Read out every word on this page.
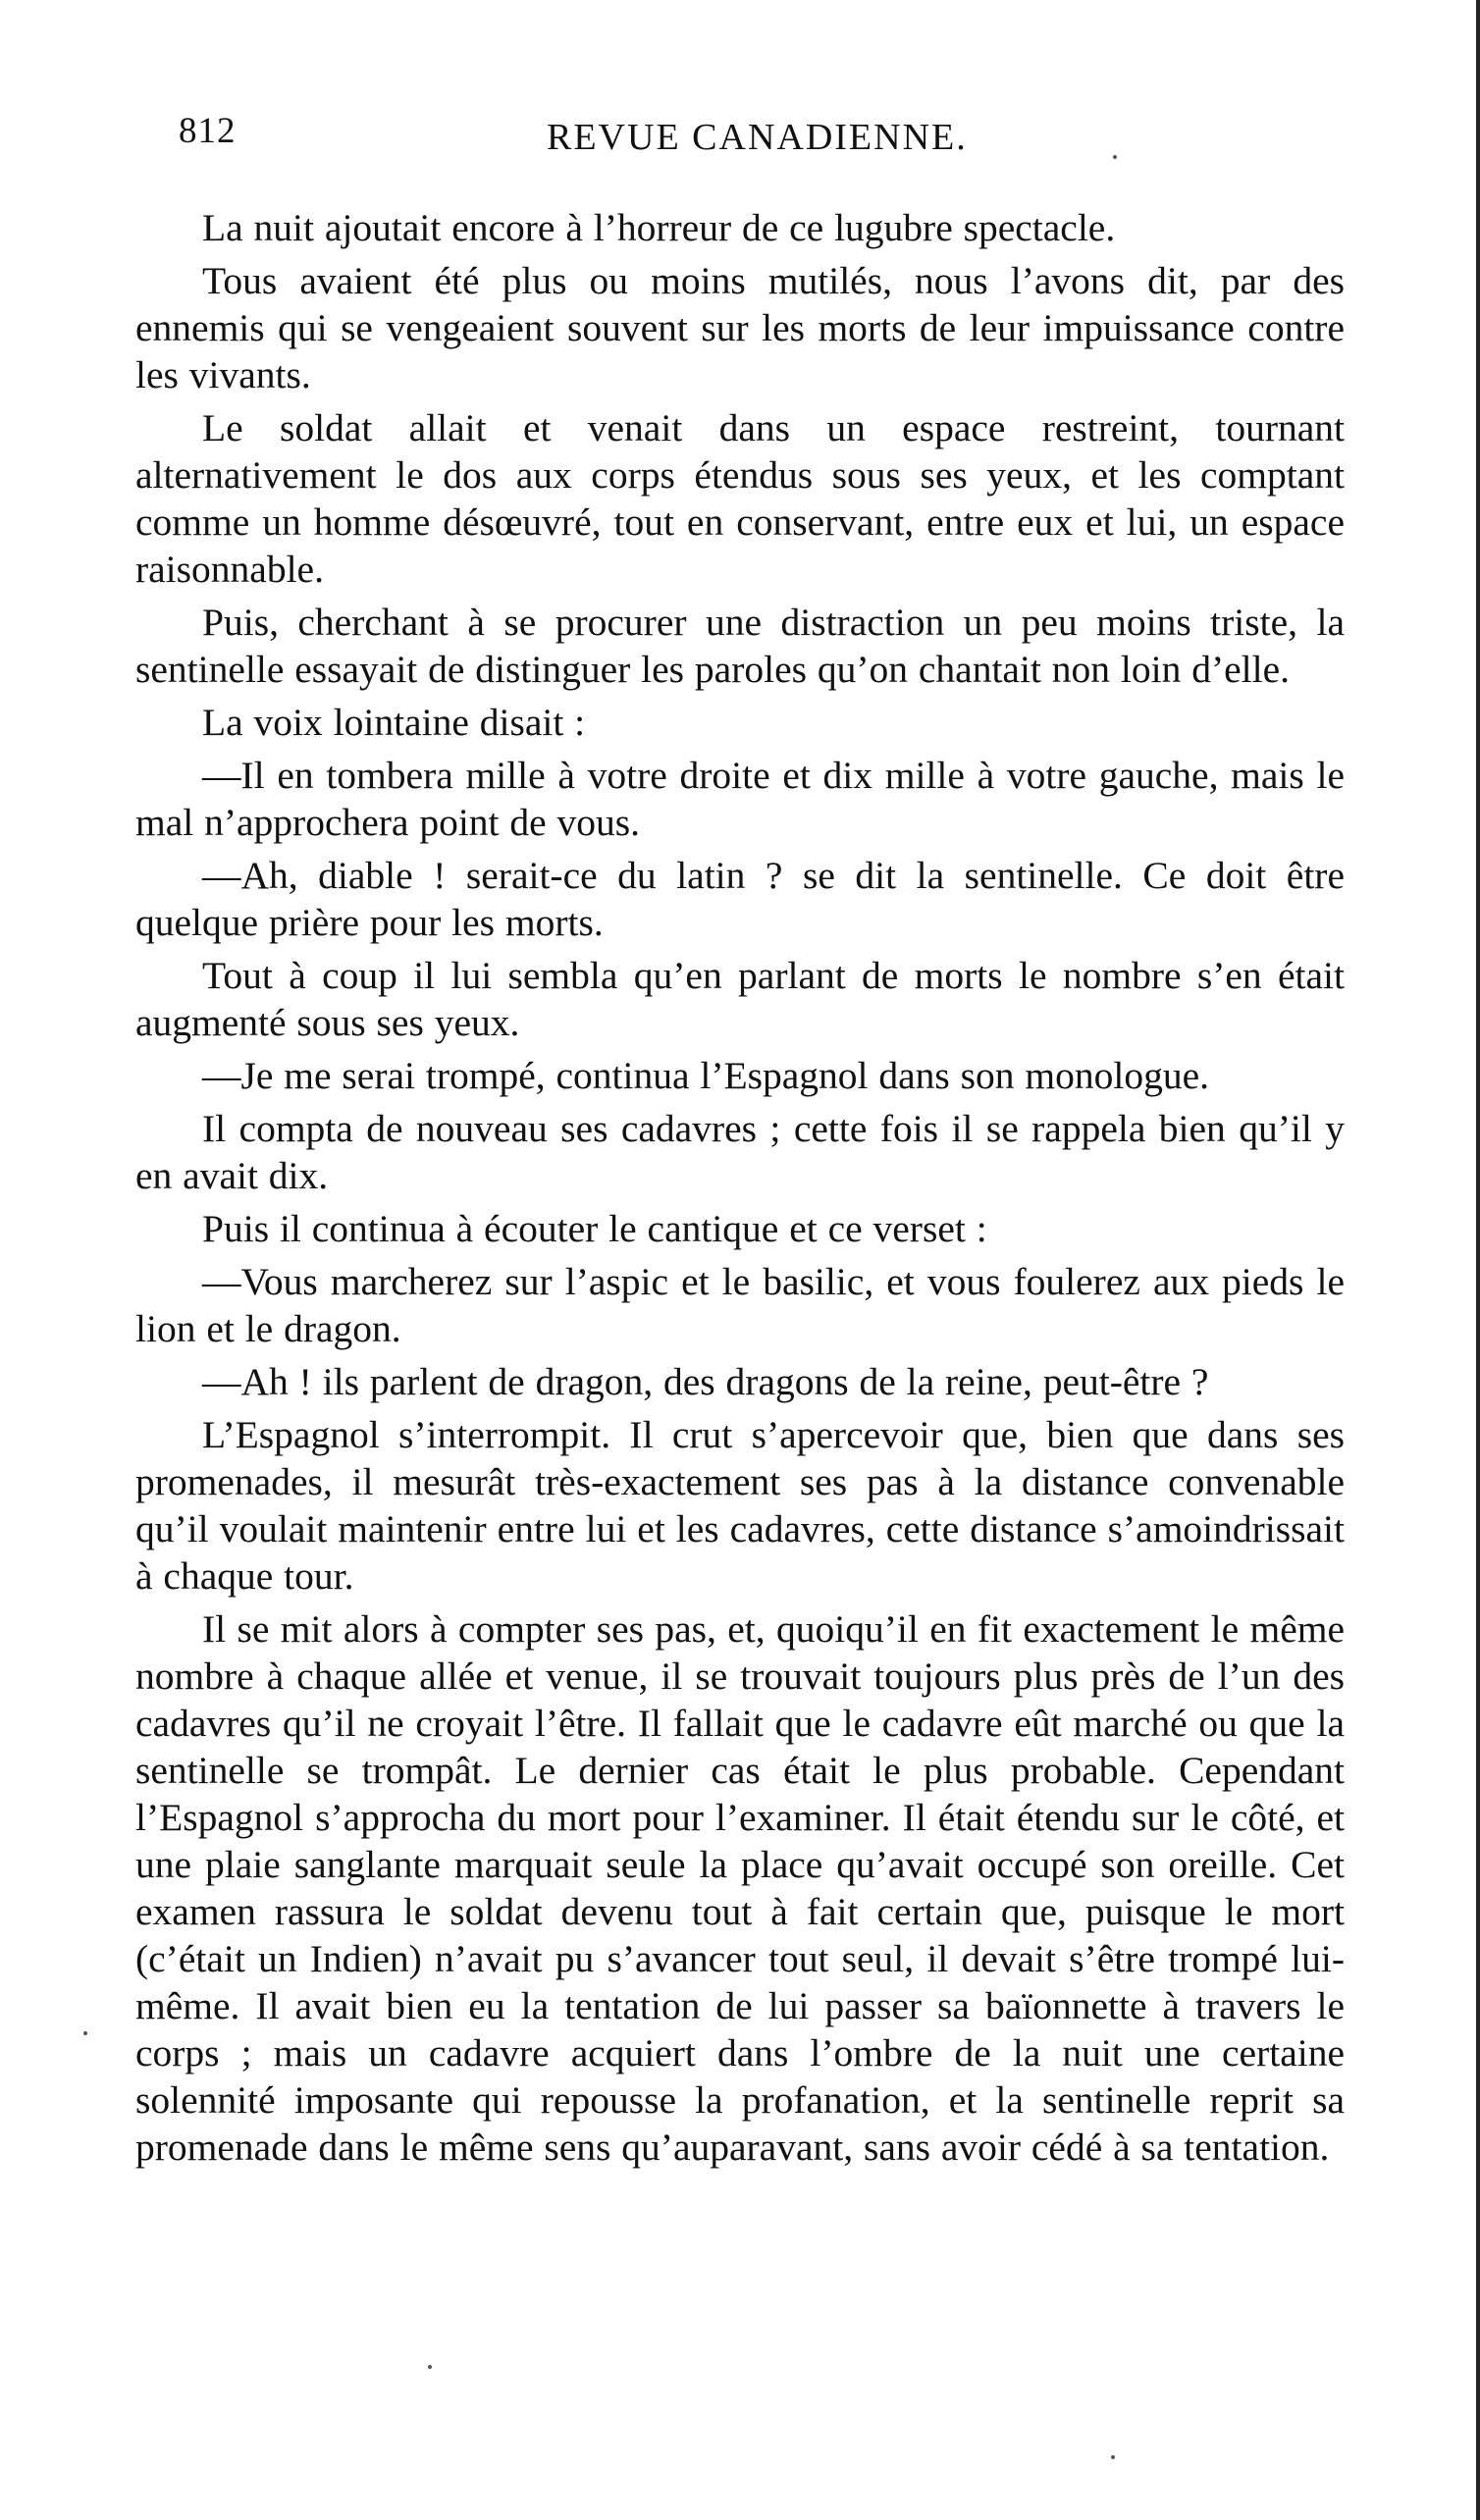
812	REVUE CANADIENNE.

La nuit ajoutait encore à l’horreur de ce lugubre spectacle.

Tous avaient été plus ou moins mutilés, nous l’avons dit, par des ennemis qui se vengeaient souvent sur les morts de leur impuissance contre les vivants.

Le soldat allait et venait dans un espace restreint, tournant alternativement le dos aux corps étendus sous ses yeux, et les comptant comme un homme désœuvré, tout en conservant, entre eux et lui, un espace raisonnable.

Puis, cherchant à se procurer une distraction un peu moins triste, la sentinelle essayait de distinguer les paroles qu’on chantait non loin d’elle.

La voix lointaine disait :

—Il en tombera mille à votre droite et dix mille à votre gauche, mais le mal n’approchera point de vous.

—Ah, diable ! serait-ce du latin ? se dit la sentinelle. Ce doit être quelque prière pour les morts.

Tout à coup il lui sembla qu’en parlant de morts le nombre s’en était augmenté sous ses yeux.

—Je me serai trompé, continua l’Espagnol dans son monologue.

Il compta de nouveau ses cadavres ; cette fois il se rappela bien qu’il y en avait dix.

Puis il continua à écouter le cantique et ce verset :

—Vous marcherez sur l’aspic et le basilic, et vous foulerez aux pieds le lion et le dragon.

—Ah ! ils parlent de dragon, des dragons de la reine, peut-être ?

L’Espagnol s’interrompit. Il crut s’apercevoir que, bien que dans ses promenades, il mesurât très-exactement ses pas à la distance convenable qu’il voulait maintenir entre lui et les cadavres, cette distance s’amoindrissait à chaque tour.

Il se mit alors à compter ses pas, et, quoiqu’il en fit exactement le même nombre à chaque allée et venue, il se trouvait toujours plus près de l’un des cadavres qu’il ne croyait l’être. Il fallait que le cadavre eût marché ou que la sentinelle se trompât. Le dernier cas était le plus probable. Cependant l’Espagnol s’approcha du mort pour l’examiner. Il était étendu sur le côté, et une plaie sanglante marquait seule la place qu’avait occupé son oreille. Cet examen rassura le soldat devenu tout à fait certain que, puisque le mort (c’était un Indien) n’avait pu s’avancer tout seul, il devait s’être trompé lui-même. Il avait bien eu la tentation de lui passer sa baïonnette à travers le corps ; mais un cadavre acquiert dans l’ombre de la nuit une certaine solennité imposante qui repousse la profanation, et la sentinelle reprit sa promenade dans le même sens qu’auparavant, sans avoir cédé à sa tentation.
